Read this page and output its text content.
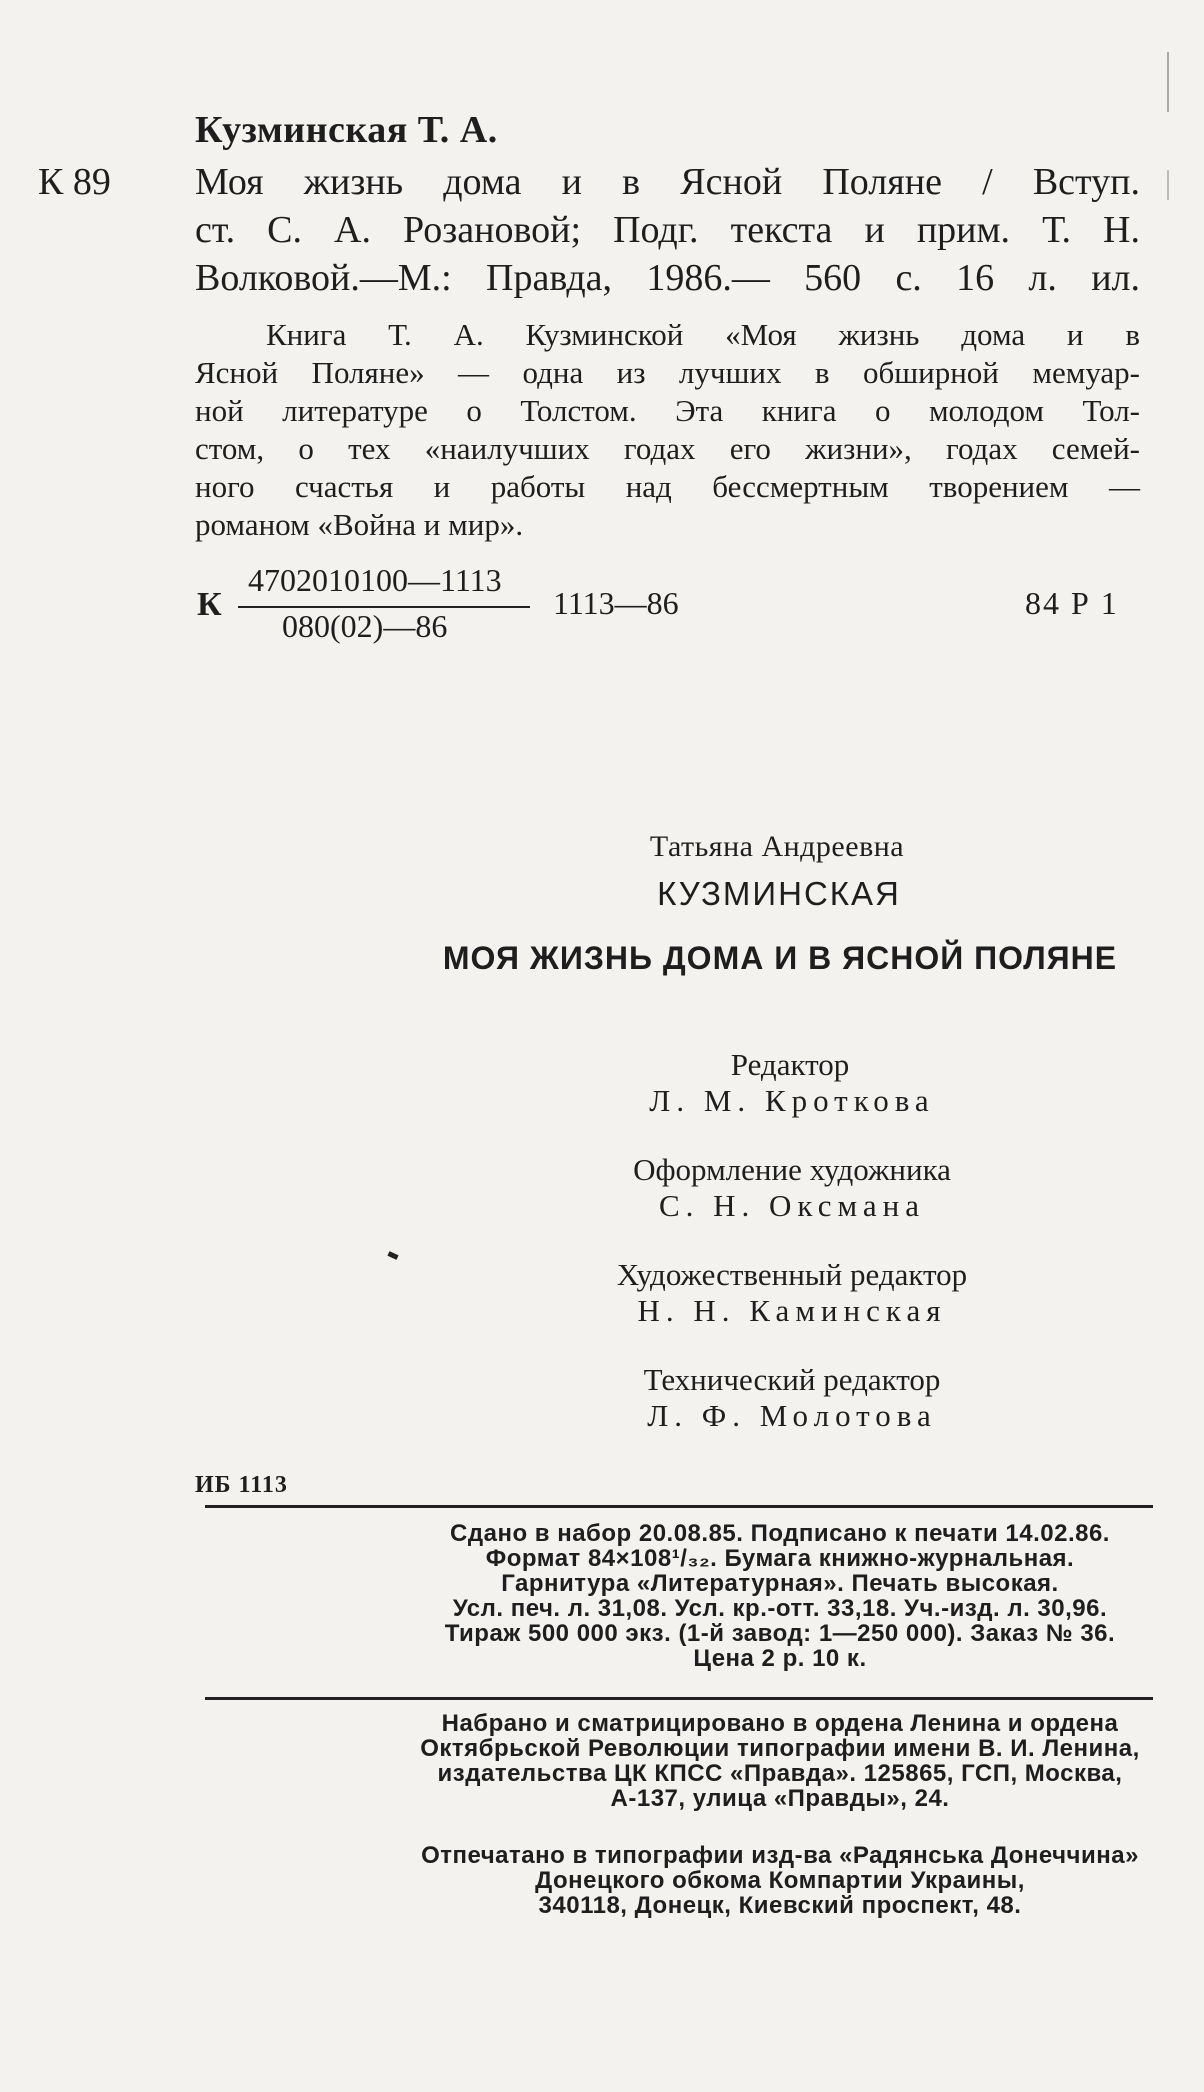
Кузминская Т. А.
К 89 Моя жизнь дома и в Ясной Поляне / Вступ.
ст. С. А. Розановой; Подг. текста и прим. Т. Н.
Волковой.—М.: Правда, 1986.— 560 с. 16 л. ил.
Книга Т. А. Кузминской «Моя жизнь дома и в
Ясной Поляне» — одна из лучших в обширной мемуар-
ной литературе о Толстом. Эта книга о молодом Тол-
стом, о тех «наилучших годах его жизни», годах семей-
ного счастья и работы над бессмертным творением —
романом «Война и мир».
К
4702010100—1113
080(02)—86
1113—86	84 Р 1
Татьяна Андреевна
КУЗМИНСКАЯ
МОЯ ЖИЗНЬ ДОМА И В ЯСНОЙ ПОЛЯНЕ
Редактор
Л. М. Кроткова
Оформление художника
С. Н. Оксмана
Художественный редактор
Н. Н. Каминская
Технический редактор
Л. Ф. Молотова
ИБ 1113
Сдано в набор 20.08.85. Подписано к печати 14.02.86.
Формат 84×108¹/₃₂. Бумага книжно-журнальная.
Гарнитура «Литературная». Печать высокая.
Усл. печ. л. 31,08. Усл. кр.-отт. 33,18. Уч.-изд. л. 30,96.
Тираж 500 000 экз. (1-й завод: 1—250 000). Заказ № 36.
Цена 2 р. 10 к.
Набрано и сматрицировано в ордена Ленина и ордена
Октябрьской Революции типографии имени В. И. Ленина,
издательства ЦК КПСС «Правда». 125865, ГСП, Москва,
А-137, улица «Правды», 24.
Отпечатано в типографии изд-ва «Радянська Донеччина»
Донецкого обкома Компартии Украины,
340118, Донецк, Киевский проспект, 48.
